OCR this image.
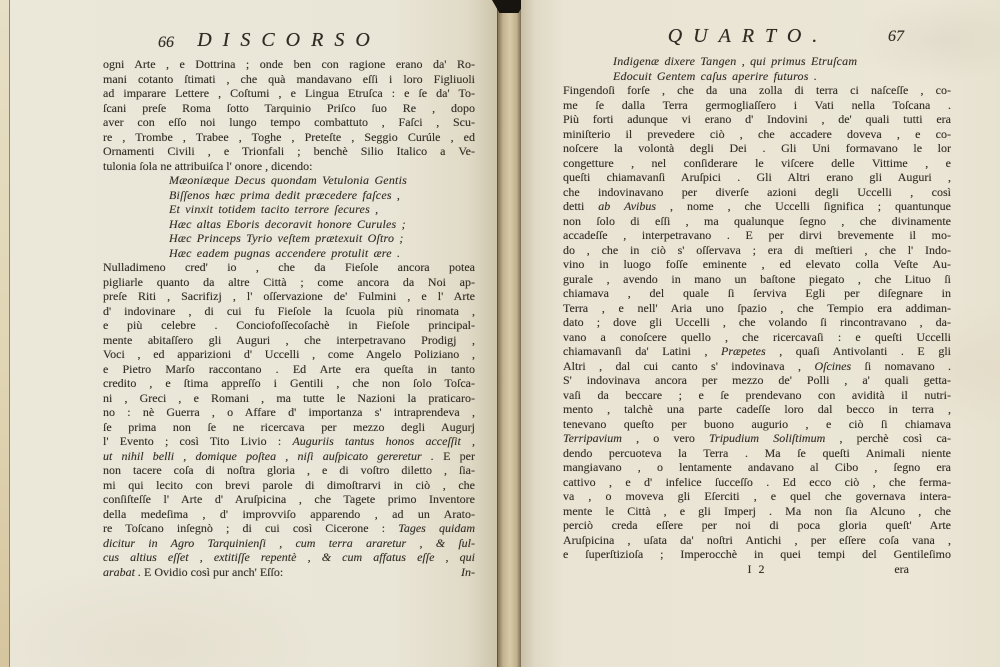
66	DISCORSO
ogni Arte , e Dottrina ; onde ben con ragione erano da' Ro-
mani cotanto ſtimati , che quà mandavano eſſi i loro Figliuoli
ad imparare Lettere , Coſtumi , e Lingua Etruſca : e ſe da' To-
ſcani preſe Roma ſotto Tarquinio Priſco ſuo Re , dopo
aver con eſſo noi lungo tempo combattuto , Faſci , Scu-
re , Trombe , Trabee , Toghe , Preteſte , Seggio Curúle , ed
Ornamenti Civili , e Trionfali ; benchè Silio Italico a Ve-
tulonia ſola ne attribuiſca l' onore , dicendo:
Mæoniæque Decus quondam Vetulonia Gentis
Biſſenos hæc prima dedit præcedere faſces ,
Et vinxit totidem tacito terrore ſecures ,
Hæc altas Eboris decoravit honore Curules ;
Hæc Princeps Tyrio veſtem prætexuit Oſtro ;
Hæc eadem pugnas accendere protulit ære .
Nulladimeno cred' io , che da Fieſole ancora potea
pigliarle quanto da altre Città ; come ancora da Noi ap-
preſe Riti , Sacrifizj , l' oſſervazione de' Fulmini , e l' Arte
d' indovinare , di cui fu Fieſole la ſcuola più rinomata ,
e più celebre . Conciofoſſecoſachè in Fieſole principal-
mente abitaſſero gli Auguri , che interpetravano Prodigj ,
Voci , ed apparizioni d' Uccelli , come Angelo Poliziano ,
e Pietro Marſo raccontano . Ed Arte era queſta in tanto
credito , e ſtima appreſſo i Gentili , che non ſolo Toſca-
ni , Greci , e Romani , ma tutte le Nazioni la praticaro-
no : nè Guerra , o Affare d' importanza s' intraprendeva ,
ſe prima non ſe ne ricercava per mezzo degli Augurj
l' Evento ; così Tito Livio : Auguriis tantus honos acceſſit ,
ut nihil belli , domique poſtea , niſi auſpicato gereretur . E per
non tacere coſa di noſtra gloria , e di voſtro diletto , ſia-
mi qui lecito con brevi parole di dimoſtrarvi in ciò , che
conſiſteſſe l' Arte d' Aruſpicina , che Tagete primo Inventore
della medeſima , d' improvviſo apparendo , ad un Arato-
re Toſcano inſegnò ; di cui così Cicerone : Tages quidam
dicitur in Agro Tarquinienſi , cum terra araretur , & ſul-
cus altius eſſet , extitiſſe repentè , & cum affatus eſſe , qui
arabat . E Ovidio così pur anch' Eſſo:	In-
QUARTO.	67
Indigenæ dixere Tangen , qui primus Etruſcam
Edocuit Gentem caſus aperire futuros .
Fingendoſi forſe , che da una zolla di terra ci naſceſſe , co-
me ſe dalla Terra germogliaſſero i Vati nella Toſcana .
Più forti adunque vi erano d' Indovini , de' quali tutti era
miniſterio il prevedere ciò , che accadere doveva , e co-
noſcere la volontà degli Dei . Gli Uni formavano le lor
congetture , nel conſiderare le viſcere delle Vittime , e
queſti chiamavanſi Aruſpici . Gli Altri erano gli Auguri ,
che indovinavano per diverſe azioni degli Uccelli , così
detti ab Avibus , nome , che Uccelli ſignifica ; quantunque
non ſolo di eſſi , ma qualunque ſegno , che divinamente
accadeſſe , interpetravano . E per dirvi brevemente il mo-
do , che in ciò s' oſſervava ; era di meſtieri , che l' Indo-
vino in luogo foſſe eminente , ed elevato colla Veſte Au-
gurale , avendo in mano un baſtone piegato , che Lituo ſi
chiamava , del quale ſi ſerviva Egli per diſegnare in
Terra , e nell' Aria uno ſpazio , che Tempio era addiman-
dato ; dove gli Uccelli , che volando ſi rincontravano , da-
vano a conoſcere quello , che ricercavaſi : e queſti Uccelli
chiamavanſi da' Latini , Præpetes , quaſi Antivolanti . E gli
Altri , dal cui canto s' indovinava , Oſcines ſi nomavano .
S' indovinava ancora per mezzo de' Polli , a' quali getta-
vaſi da beccare ; e ſe prendevano con avidità il nutri-
mento , talchè una parte cadeſſe loro dal becco in terra ,
tenevano queſto per buono augurio , e ciò ſi chiamava
Terripavium , o vero Tripudium Soliſtimum , perchè così ca-
dendo percuoteva la Terra . Ma ſe queſti Animali niente
mangiavano , o lentamente andavano al Cibo , ſegno era
cattivo , e d' infelice ſucceſſo . Ed ecco ciò , che ferma-
va , o moveva gli Eſerciti , e quel che governava intera-
mente le Città , e gli Imperj . Ma non ſia Alcuno , che
perciò creda eſſere per noi di poca gloria queſt' Arte
Aruſpicina , uſata da' noſtri Antichi , per eſſere coſa vana ,
e ſuperſtizioſa ; Imperocchè in quei tempi del Gentileſimo
I 2	era
